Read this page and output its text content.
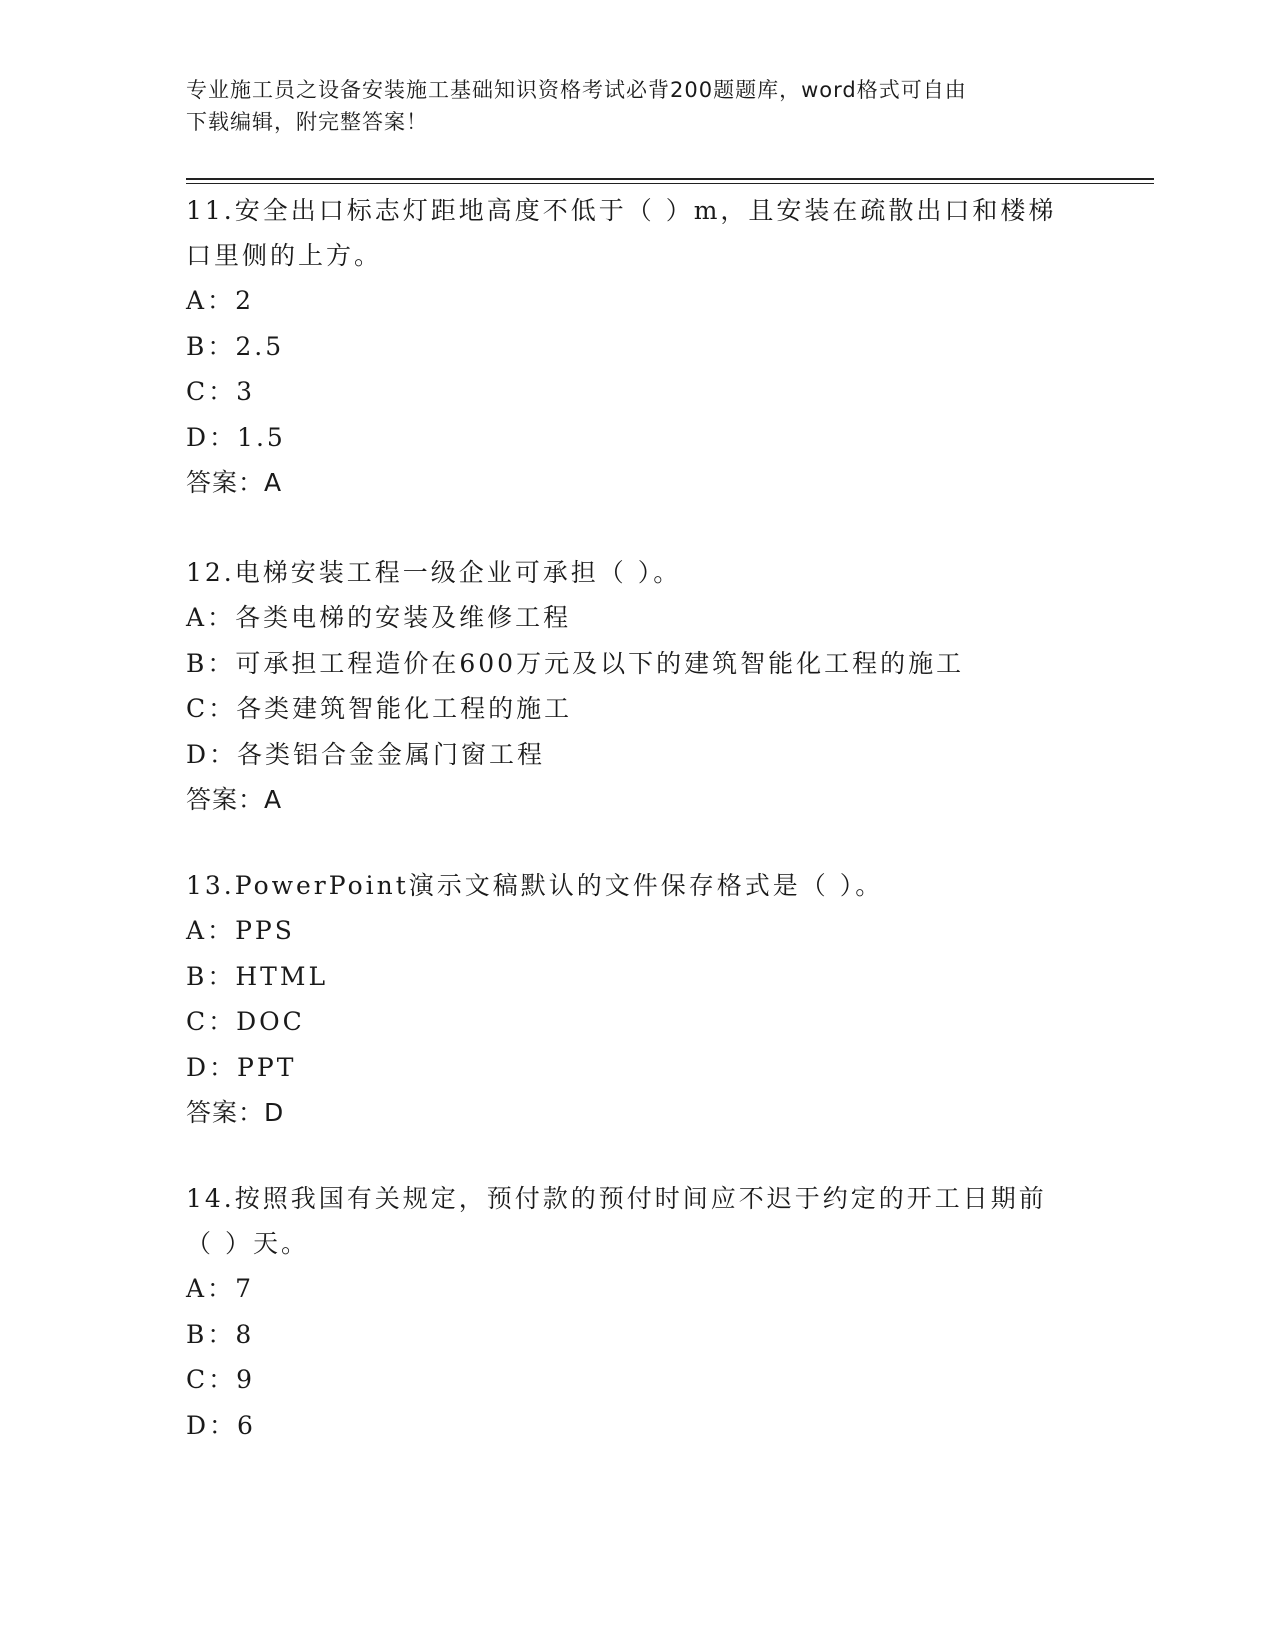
专业施工员之设备安装施工基础知识资格考试必背200题题库，word格式可自由
下载编辑，附完整答案！

11.安全出口标志灯距地高度不低于（ ）m，且安装在疏散出口和楼梯
口里侧的上方。

A：2

B：2.5

C：3

D：1.5

答案：A

12.电梯安装工程一级企业可承担（ ）。

A：各类电梯的安装及维修工程

B：可承担工程造价在600万元及以下的建筑智能化工程的施工

C：各类建筑智能化工程的施工

D：各类铝合金金属门窗工程

答案：A

13.PowerPoint演示文稿默认的文件保存格式是（ ）。

A：PPS

B：HTML

C：DOC

D：PPT

答案：D

14.按照我国有关规定，预付款的预付时间应不迟于约定的开工日期前
（ ）天。

A：7

B：8

C：9

D：6
